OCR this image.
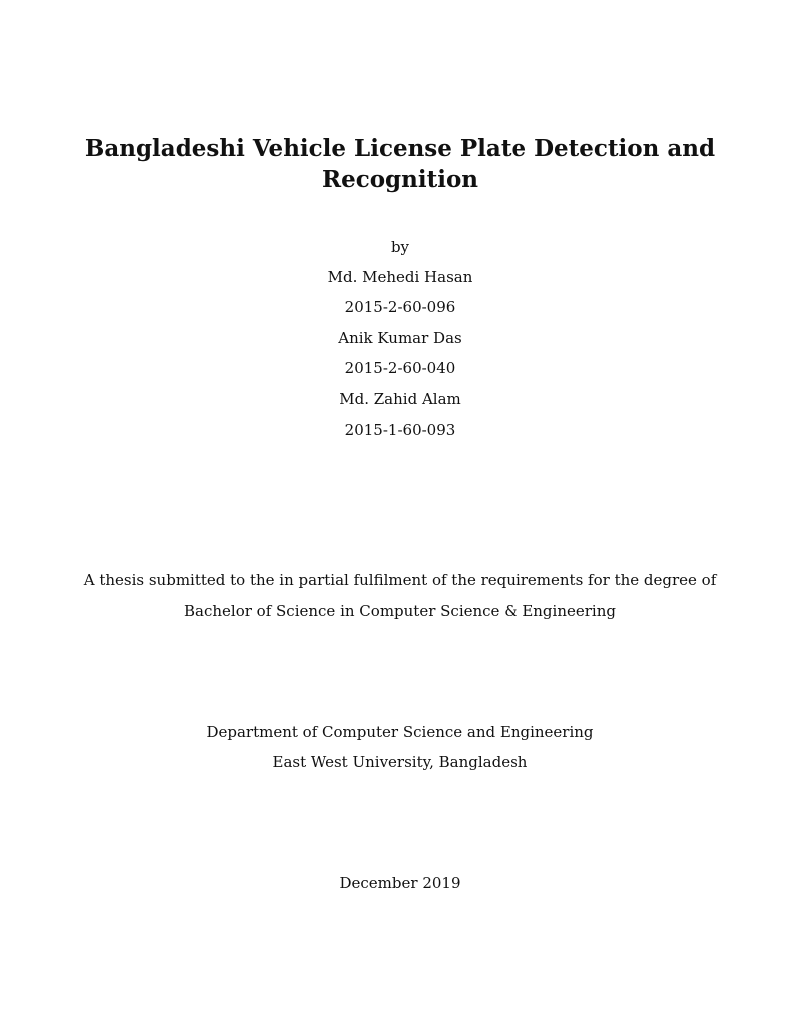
Bangladeshi Vehicle License Plate Detection and
Recognition
by
Md. Mehedi Hasan
2015-2-60-096
Anik Kumar Das
2015-2-60-040
Md. Zahid Alam
2015-1-60-093
A thesis submitted to the in partial fulfilment of the requirements for the degree of
Bachelor of Science in Computer Science & Engineering
Department of Computer Science and Engineering
East West University, Bangladesh
December 2019
